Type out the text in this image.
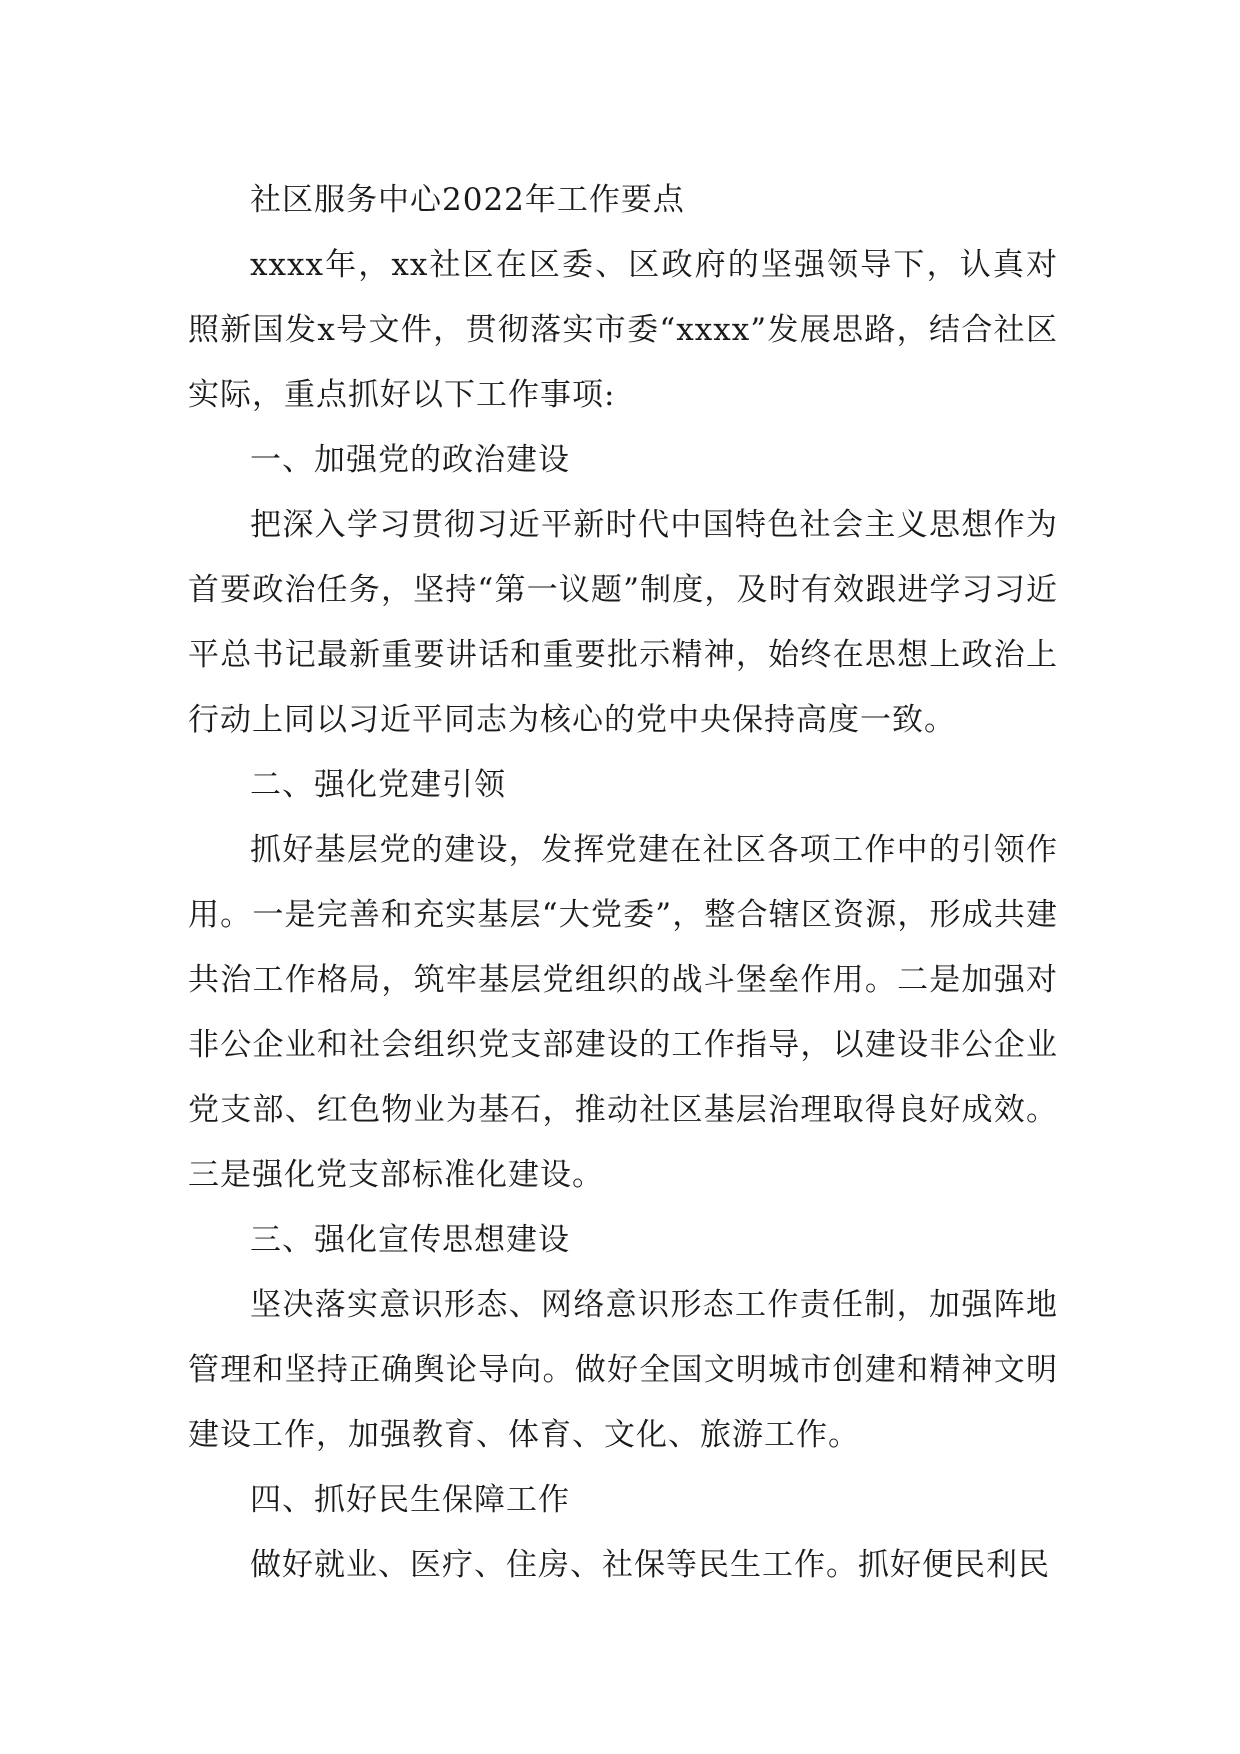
社区服务中心2022年工作要点

xxxx年，xx社区在区委、区政府的坚强领导下，认真对照新国发x号文件，贯彻落实市委“xxxx”发展思路，结合社区实际，重点抓好以下工作事项:

一、加强党的政治建设

把深入学习贯彻习近平新时代中国特色社会主义思想作为首要政治任务，坚持“第一议题”制度，及时有效跟进学习习近平总书记最新重要讲话和重要批示精神，始终在思想上政治上行动上同以习近平同志为核心的党中央保持高度一致。

二、强化党建引领

抓好基层党的建设，发挥党建在社区各项工作中的引领作用。一是完善和充实基层“大党委”，整合辖区资源，形成共建共治工作格局，筑牢基层党组织的战斗堡垒作用。二是加强对非公企业和社会组织党支部建设的工作指导，以建设非公企业党支部、红色物业为基石，推动社区基层治理取得良好成效。三是强化党支部标准化建设。

三、强化宣传思想建设

坚决落实意识形态、网络意识形态工作责任制，加强阵地管理和坚持正确舆论导向。做好全国文明城市创建和精神文明建设工作，加强教育、体育、文化、旅游工作。

四、抓好民生保障工作

做好就业、医疗、住房、社保等民生工作。抓好便民利民
